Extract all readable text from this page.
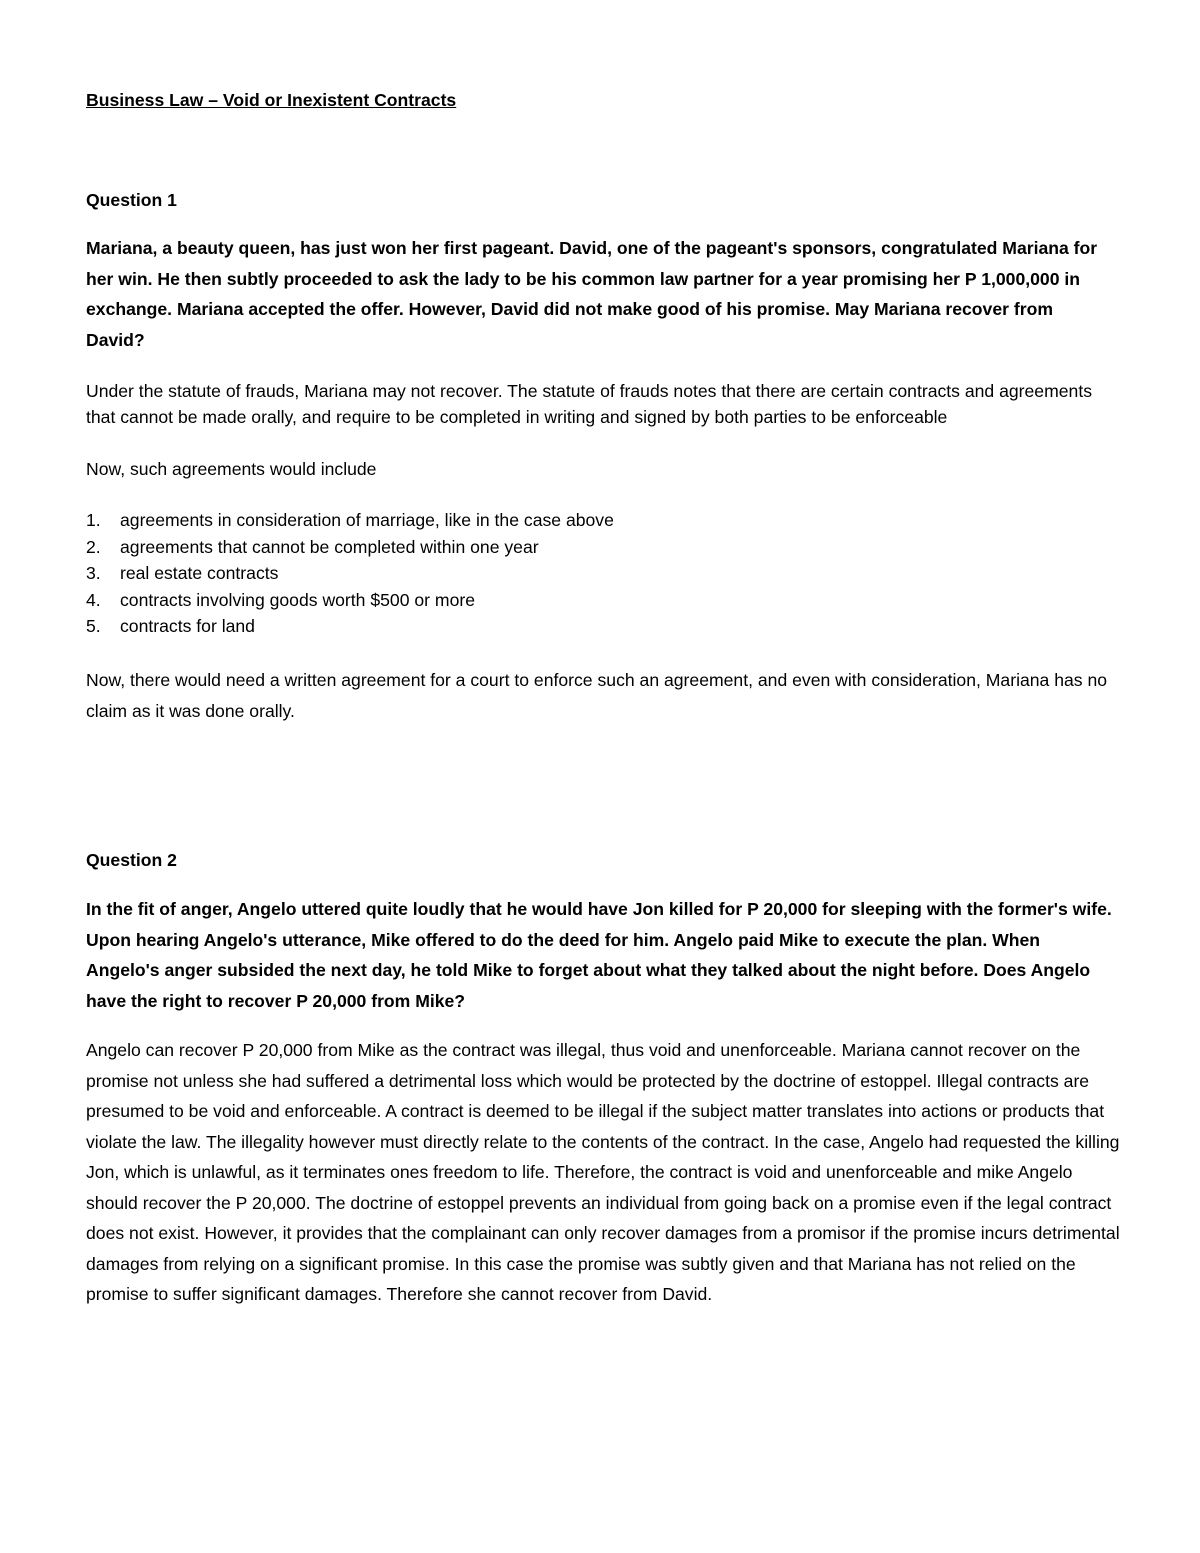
Business Law – Void or Inexistent Contracts
Question 1

Mariana, a beauty queen, has just won her first pageant. David, one of the pageant's sponsors, congratulated Mariana for her win. He then subtly proceeded to ask the lady to be his common law partner for a year promising her P 1,000,000 in exchange. Mariana accepted the offer. However, David did not make good of his promise. May Mariana recover from David?

Under the statute of frauds, Mariana may not recover. The statute of frauds notes that there are certain contracts and agreements that cannot be made orally, and require to be completed in writing and signed by both parties to be enforceable

Now, such agreements would include

1. agreements in consideration of marriage, like in the case above
2. agreements that cannot be completed within one year
3. real estate contracts
4. contracts involving goods worth $500 or more
5. contracts for land

Now, there would need a written agreement for a court to enforce such an agreement, and even with consideration, Mariana has no claim as it was done orally.

Question 2

In the fit of anger, Angelo uttered quite loudly that he would have Jon killed for P 20,000 for sleeping with the former's wife. Upon hearing Angelo's utterance, Mike offered to do the deed for him. Angelo paid Mike to execute the plan. When Angelo's anger subsided the next day, he told Mike to forget about what they talked about the night before. Does Angelo have the right to recover P 20,000 from Mike?

Angelo can recover P 20,000 from Mike as the contract was illegal, thus void and unenforceable. Mariana cannot recover on the promise not unless she had suffered a detrimental loss which would be protected by the doctrine of estoppel. Illegal contracts are presumed to be void and enforceable. A contract is deemed to be illegal if the subject matter translates into actions or products that violate the law. The illegality however must directly relate to the contents of the contract. In the case, Angelo had requested the killing Jon, which is unlawful, as it terminates ones freedom to life. Therefore, the contract is void and unenforceable and mike Angelo should recover the P 20,000. The doctrine of estoppel prevents an individual from going back on a promise even if the legal contract does not exist. However, it provides that the complainant can only recover damages from a promisor if the promise incurs detrimental damages from relying on a significant promise. In this case the promise was subtly given and that Mariana has not relied on the promise to suffer significant damages. Therefore she cannot recover from David.
